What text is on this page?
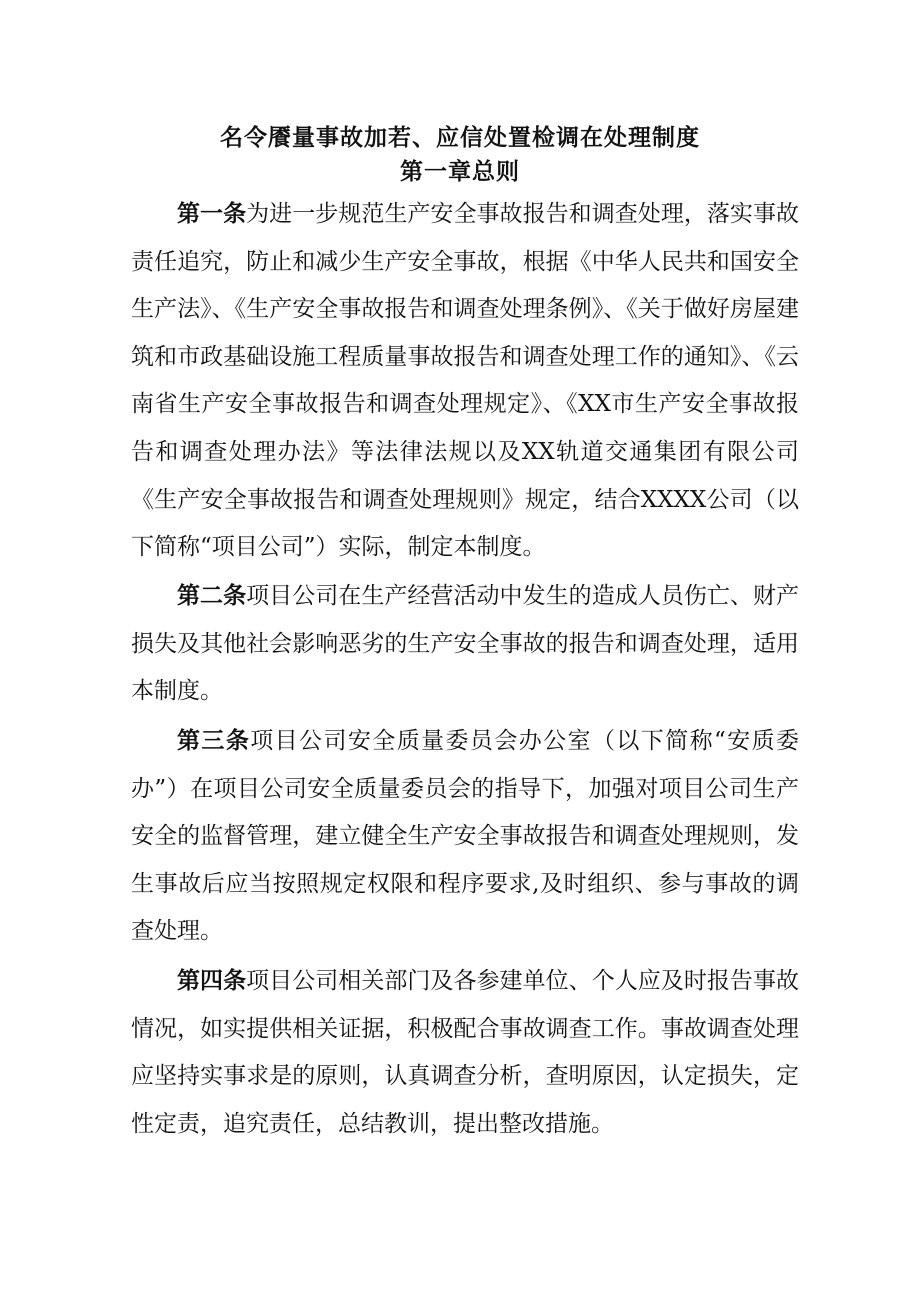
名令餍量事故加若、应信处置检调在处理制度
第一章总则

第一条为进一步规范生产安全事故报告和调查处理，落实事故责任追究，防止和减少生产安全事故，根据《中华人民共和国安全生产法》、《生产安全事故报告和调查处理条例》、《关于做好房屋建筑和市政基础设施工程质量事故报告和调查处理工作的通知》、《云南省生产安全事故报告和调查处理规定》、《XX市生产安全事故报告和调查处理办法》等法律法规以及XX轨道交通集团有限公司《生产安全事故报告和调查处理规则》规定，结合XXXX公司（以下简称“项目公司”）实际，制定本制度。

第二条项目公司在生产经营活动中发生的造成人员伤亡、财产损失及其他社会影响恶劣的生产安全事故的报告和调查处理，适用本制度。

第三条项目公司安全质量委员会办公室（以下简称“安质委办”）在项目公司安全质量委员会的指导下，加强对项目公司生产安全的监督管理，建立健全生产安全事故报告和调查处理规则，发生事故后应当按照规定权限和程序要求,及时组织、参与事故的调查处理。

第四条项目公司相关部门及各参建单位、个人应及时报告事故情况，如实提供相关证据，积极配合事故调查工作。事故调查处理应坚持实事求是的原则，认真调查分析，查明原因，认定损失，定性定责，追究责任，总结教训，提出整改措施。
